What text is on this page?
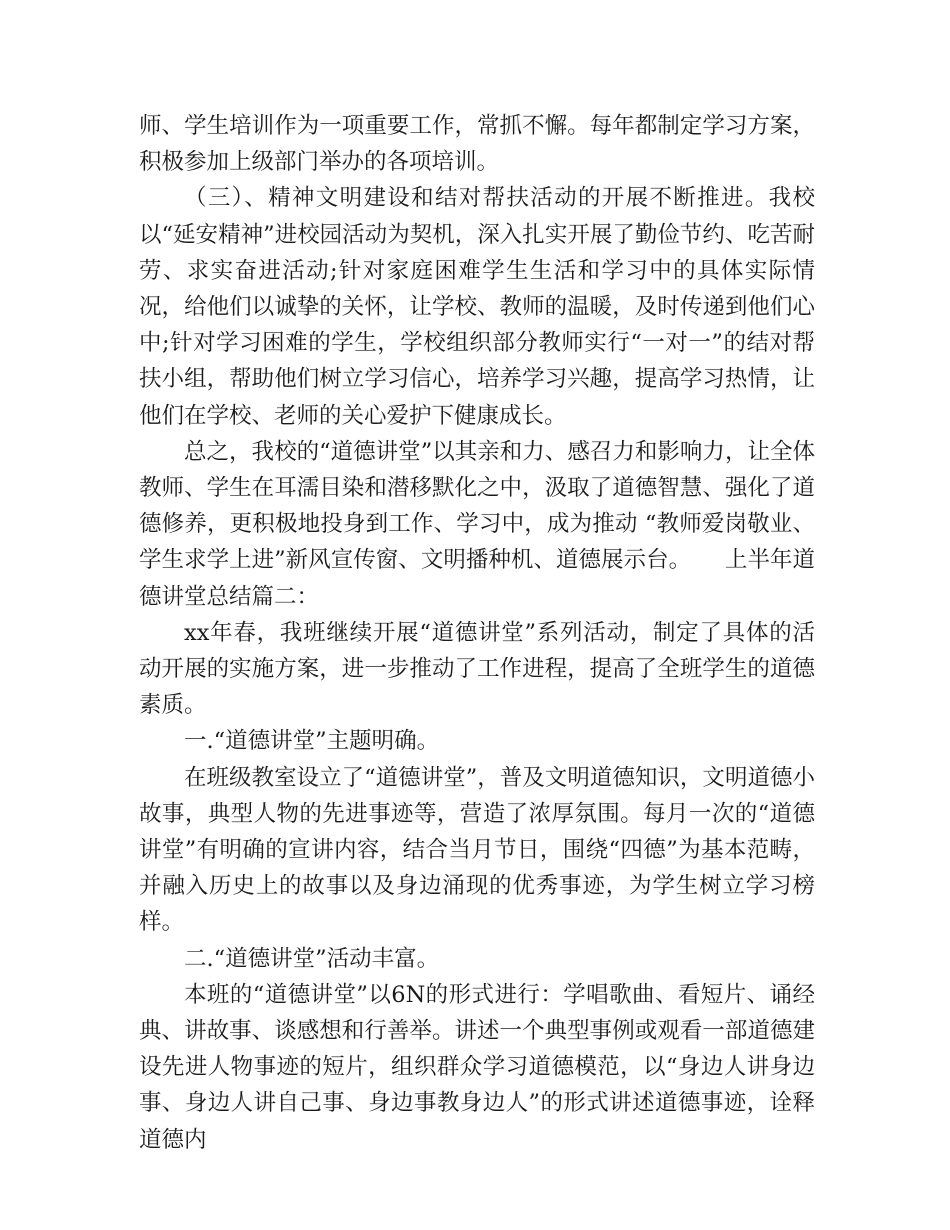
师、学生培训作为一项重要工作，常抓不懈。每年都制定学习方案，积极参加上级部门举办的各项培训。

（三）、精神文明建设和结对帮扶活动的开展不断推进。我校以“延安精神”进校园活动为契机，深入扎实开展了勤俭节约、吃苦耐劳、求实奋进活动;针对家庭困难学生生活和学习中的具体实际情况，给他们以诚挚的关怀，让学校、教师的温暖，及时传递到他们心中;针对学习困难的学生，学校组织部分教师实行“一对一”的结对帮扶小组，帮助他们树立学习信心，培养学习兴趣，提高学习热情，让他们在学校、老师的关心爱护下健康成长。

总之，我校的“道德讲堂”以其亲和力、感召力和影响力，让全体教师、学生在耳濡目染和潜移默化之中，汲取了道德智慧、强化了道德修养，更积极地投身到工作、学习中，成为推动 “教师爱岗敬业、学生求学上进”新风宣传窗、文明播种机、道德展示台。　　上半年道德讲堂总结篇二：

xx年春，我班继续开展“道德讲堂”系列活动，制定了具体的活动开展的实施方案，进一步推动了工作进程，提高了全班学生的道德素质。

一.“道德讲堂”主题明确。

在班级教室设立了“道德讲堂”，普及文明道德知识，文明道德小故事，典型人物的先进事迹等，营造了浓厚氛围。每月一次的“道德讲堂”有明确的宣讲内容，结合当月节日，围绕“四德”为基本范畴，并融入历史上的故事以及身边涌现的优秀事迹，为学生树立学习榜样。

二.“道德讲堂”活动丰富。

本班的“道德讲堂”以6N的形式进行：学唱歌曲、看短片、诵经典、讲故事、谈感想和行善举。讲述一个典型事例或观看一部道德建设先进人物事迹的短片，组织群众学习道德模范，以“身边人讲身边事、身边人讲自己事、身边事教身边人”的形式讲述道德事迹，诠释道德内
